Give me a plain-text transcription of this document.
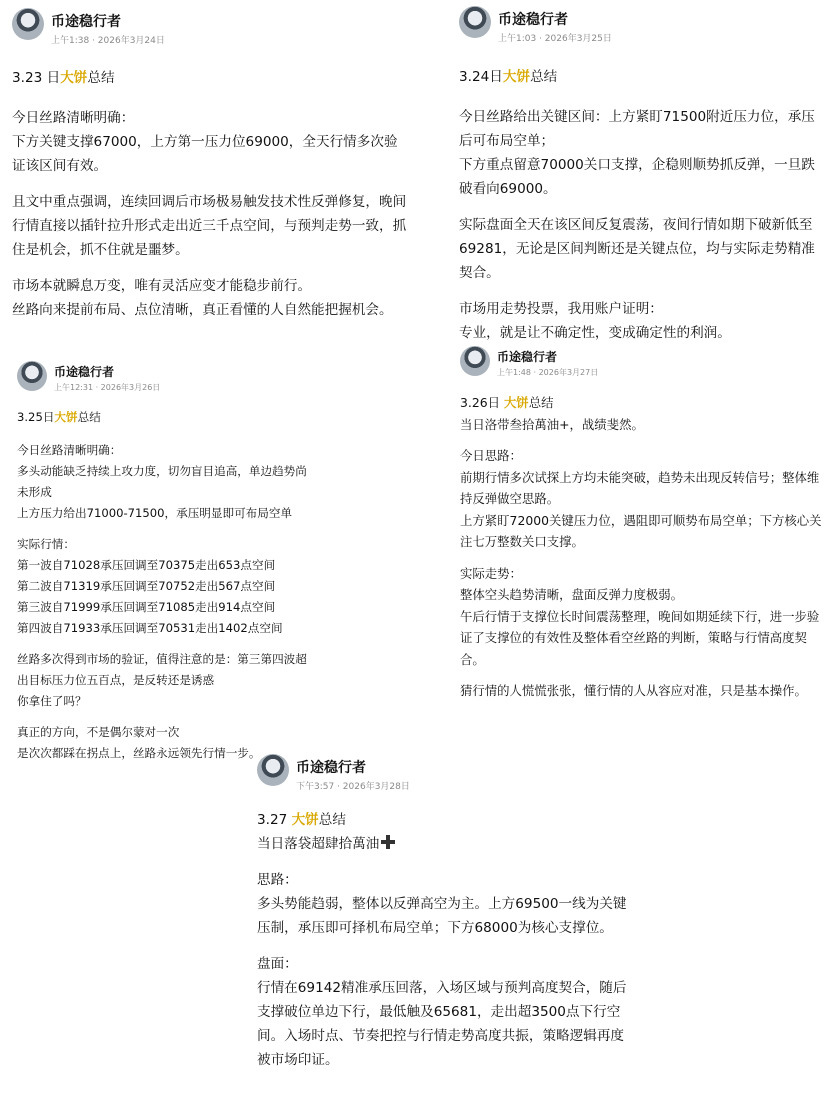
币途稳行者
上午1:38 · 2026年3月24日

3.23 日大饼总结

今日丝路清晰明确：
下方关键支撑67000，上方第一压力位69000，全天行情多次验证该区间有效。

且文中重点强调，连续回调后市场极易触发技术性反弹修复，晚间行情直接以插针拉升形式走出近三千点空间，与预判走势一致，抓住是机会，抓不住就是噩梦。

市场本就瞬息万变，唯有灵活应变才能稳步前行。
丝路向来提前布局、点位清晰，真正看懂的人自然能把握机会。

币途稳行者
上午1:03 · 2026年3月25日

3.24日大饼总结

今日丝路给出关键区间：上方紧盯71500附近压力位，承压后可布局空单；
下方重点留意70000关口支撑，企稳则顺势抓反弹，一旦跌破看向69000。

实际盘面全天在该区间反复震荡，夜间行情如期下破新低至69281，无论是区间判断还是关键点位，均与实际走势精准契合。

市场用走势投票，我用账户证明：
专业，就是让不确定性，变成确定性的利润。

币途稳行者
上午12:31 · 2026年3月26日

3.25日大饼总结

今日丝路清晰明确：
多头动能缺乏持续上攻力度，切勿盲目追高，单边趋势尚未形成
上方压力给出71000-71500，承压明显即可布局空单

实际行情：
第一波自71028承压回调至70375走出653点空间
第二波自71319承压回调至70752走出567点空间
第三波自71999承压回调至71085走出914点空间
第四波自71933承压回调至70531走出1402点空间

丝路多次得到市场的验证，值得注意的是：第三第四波超出目标压力位五百点，是反转还是诱惑
你拿住了吗？

真正的方向，不是偶尔蒙对一次
是次次都踩在拐点上，丝路永远领先行情一步。

币途稳行者
上午1:48 · 2026年3月27日

3.26日 大饼总结

当日洛带叁拾萬油+，战绩斐然。

今日思路：
前期行情多次试探上方均未能突破，趋势未出现反转信号；整体维持反弹做空思路。
上方紧盯72000关键压力位，遇阻即可顺势布局空单；下方核心关注七万整数关口支撑。

实际走势：
整体空头趋势清晰，盘面反弹力度极弱。
午后行情于支撑位长时间震荡整理，晚间如期延续下行，进一步验证了支撑位的有效性及整体看空丝路的判断，策略与行情高度契合。

猜行情的人慌慌张张，懂行情的人从容应对准，只是基本操作。

币途稳行者
下午3:57 · 2026年3月28日

3.27 大饼总结

当日落袋超肆拾萬油

思路：
多头势能趋弱，整体以反弹高空为主。上方69500一线为关键压制，承压即可择机布局空单；下方68000为核心支撑位。

盘面：
行情在69142精准承压回落，入场区域与预判高度契合，随后支撑破位单边下行，最低触及65681，走出超3500点下行空间。入场时点、节奏把控与行情走势高度共振，策略逻辑再度被市场印证。
